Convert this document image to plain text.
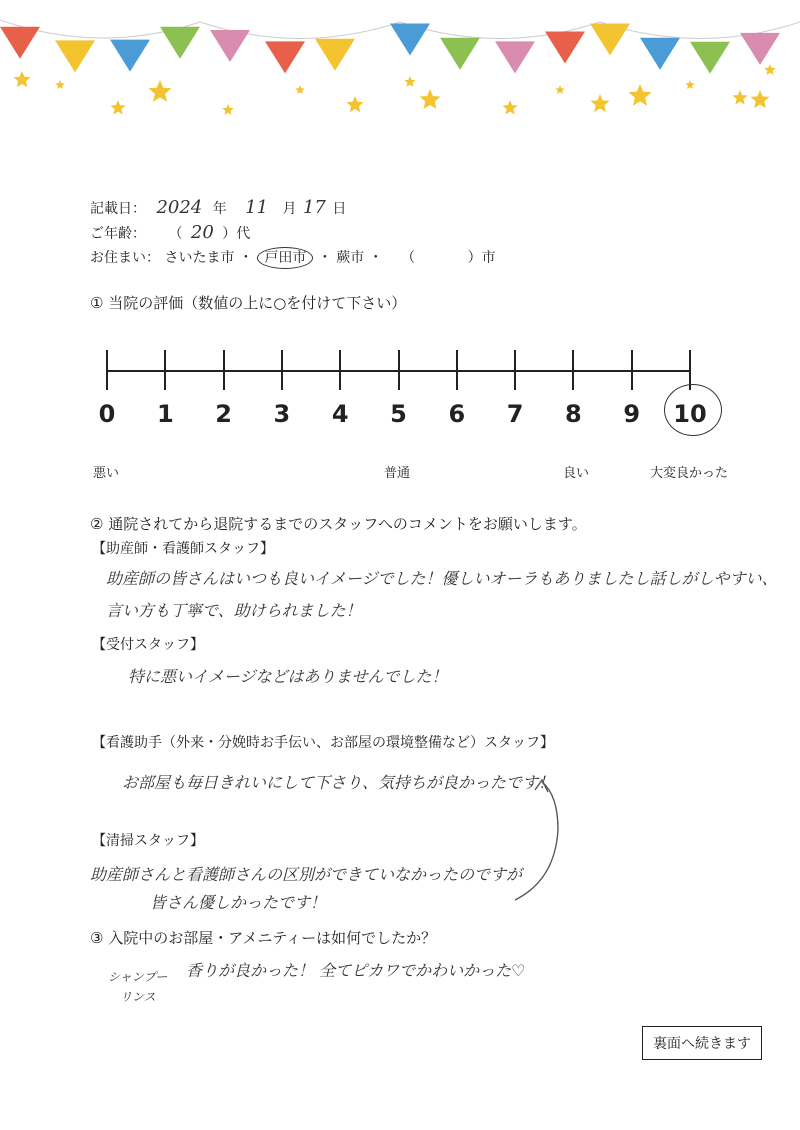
記載日： 2024 年 11 月 17 日
ご年齢： （ 20 ）代
お住まい： さいたま市 ・ 戸田市 ・ 蕨市 ・ （	）市
① 当院の評価（数値の上に○を付けて下さい）
0	1	2	3	4	5	6	7	8	9	10
悪い	普通	良い	大変良かった
② 通院されてから退院するまでのスタッフへのコメントをお願いします。
【助産師・看護師スタッフ】
助産師の皆さんはいつも良いイメージでした！優しいオーラもありましたし話しがしやすい、
言い方も丁寧で、助けられました！
【受付スタッフ】
特に悪いイメージなどはありませんでした！
【看護助手（外来・分娩時お手伝い、お部屋の環境整備など）スタッフ】
お部屋も毎日きれいにして下さり、気持ちが良かったです！
【清掃スタッフ】
助産師さんと看護師さんの区別ができていなかったのですが
皆さん優しかったです！
③ 入院中のお部屋・アメニティーは如何でしたか？
シャンプー
リンス
香りが良かった！ 全てピカワでかわいかった♡
裏面へ続きます
